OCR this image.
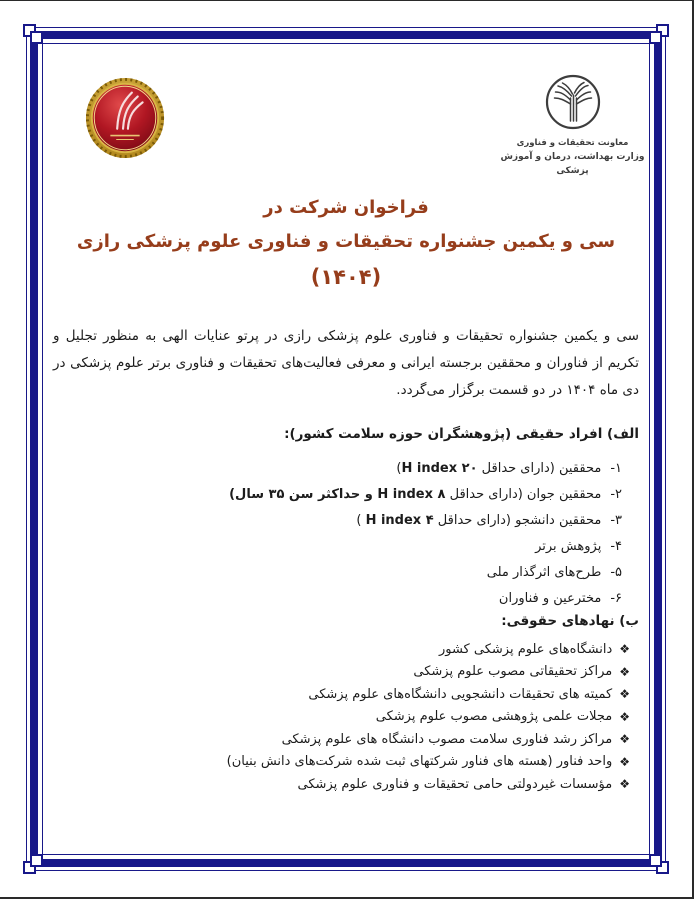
معاونت تحقیقات و فناوری
وزارت بهداشت، درمان و آموزش پزشکی
فراخوان شرکت در
سی و یکمین جشنواره تحقیقات و فناوری علوم پزشکی رازی
(۱۴۰۴)

سی و یکمین جشنواره تحقیقات و فناوری علوم پزشکی رازی در پرتو عنایات الهی به منظور تجلیل و تکریم از فناوران و محققین برجسته ایرانی و معرفی فعالیت‌های تحقیقات و فناوری برتر علوم پزشکی در دی ماه ۱۴۰۴ در دو قسمت برگزار می‌گردد.

الف) افراد حقیقی (پژوهشگران حوزه سلامت کشور):
۱-
محققین (دارای حداقل H index ۲۰)
۲-
محققین جوان (دارای حداقل H index ۸ و حداکثر سن ۳۵ سال)
۳-
محققین دانشجو (دارای حداقل H index ۴ )
۴-
پژوهش برتر
۵-
طرح‌های اثرگذار ملی
۶-
مخترعین و فناوران
ب) نهادهای حقوقی:
❖
دانشگاه‌های علوم پزشکی کشور
❖
مراکز تحقیقاتی مصوب علوم پزشکی
❖
کمیته های تحقیقات دانشجویی دانشگاه‌های علوم پزشکی
❖
مجلات علمی پژوهشی مصوب علوم پزشکی
❖
مراکز رشد فناوری سلامت مصوب دانشگاه های علوم پزشکی
❖
واحد فناور (هسته های فناور شرکتهای ثبت شده شرکت‌های دانش بنیان)
❖
مؤسسات غیردولتی حامی تحقیقات و فناوری علوم پزشکی
